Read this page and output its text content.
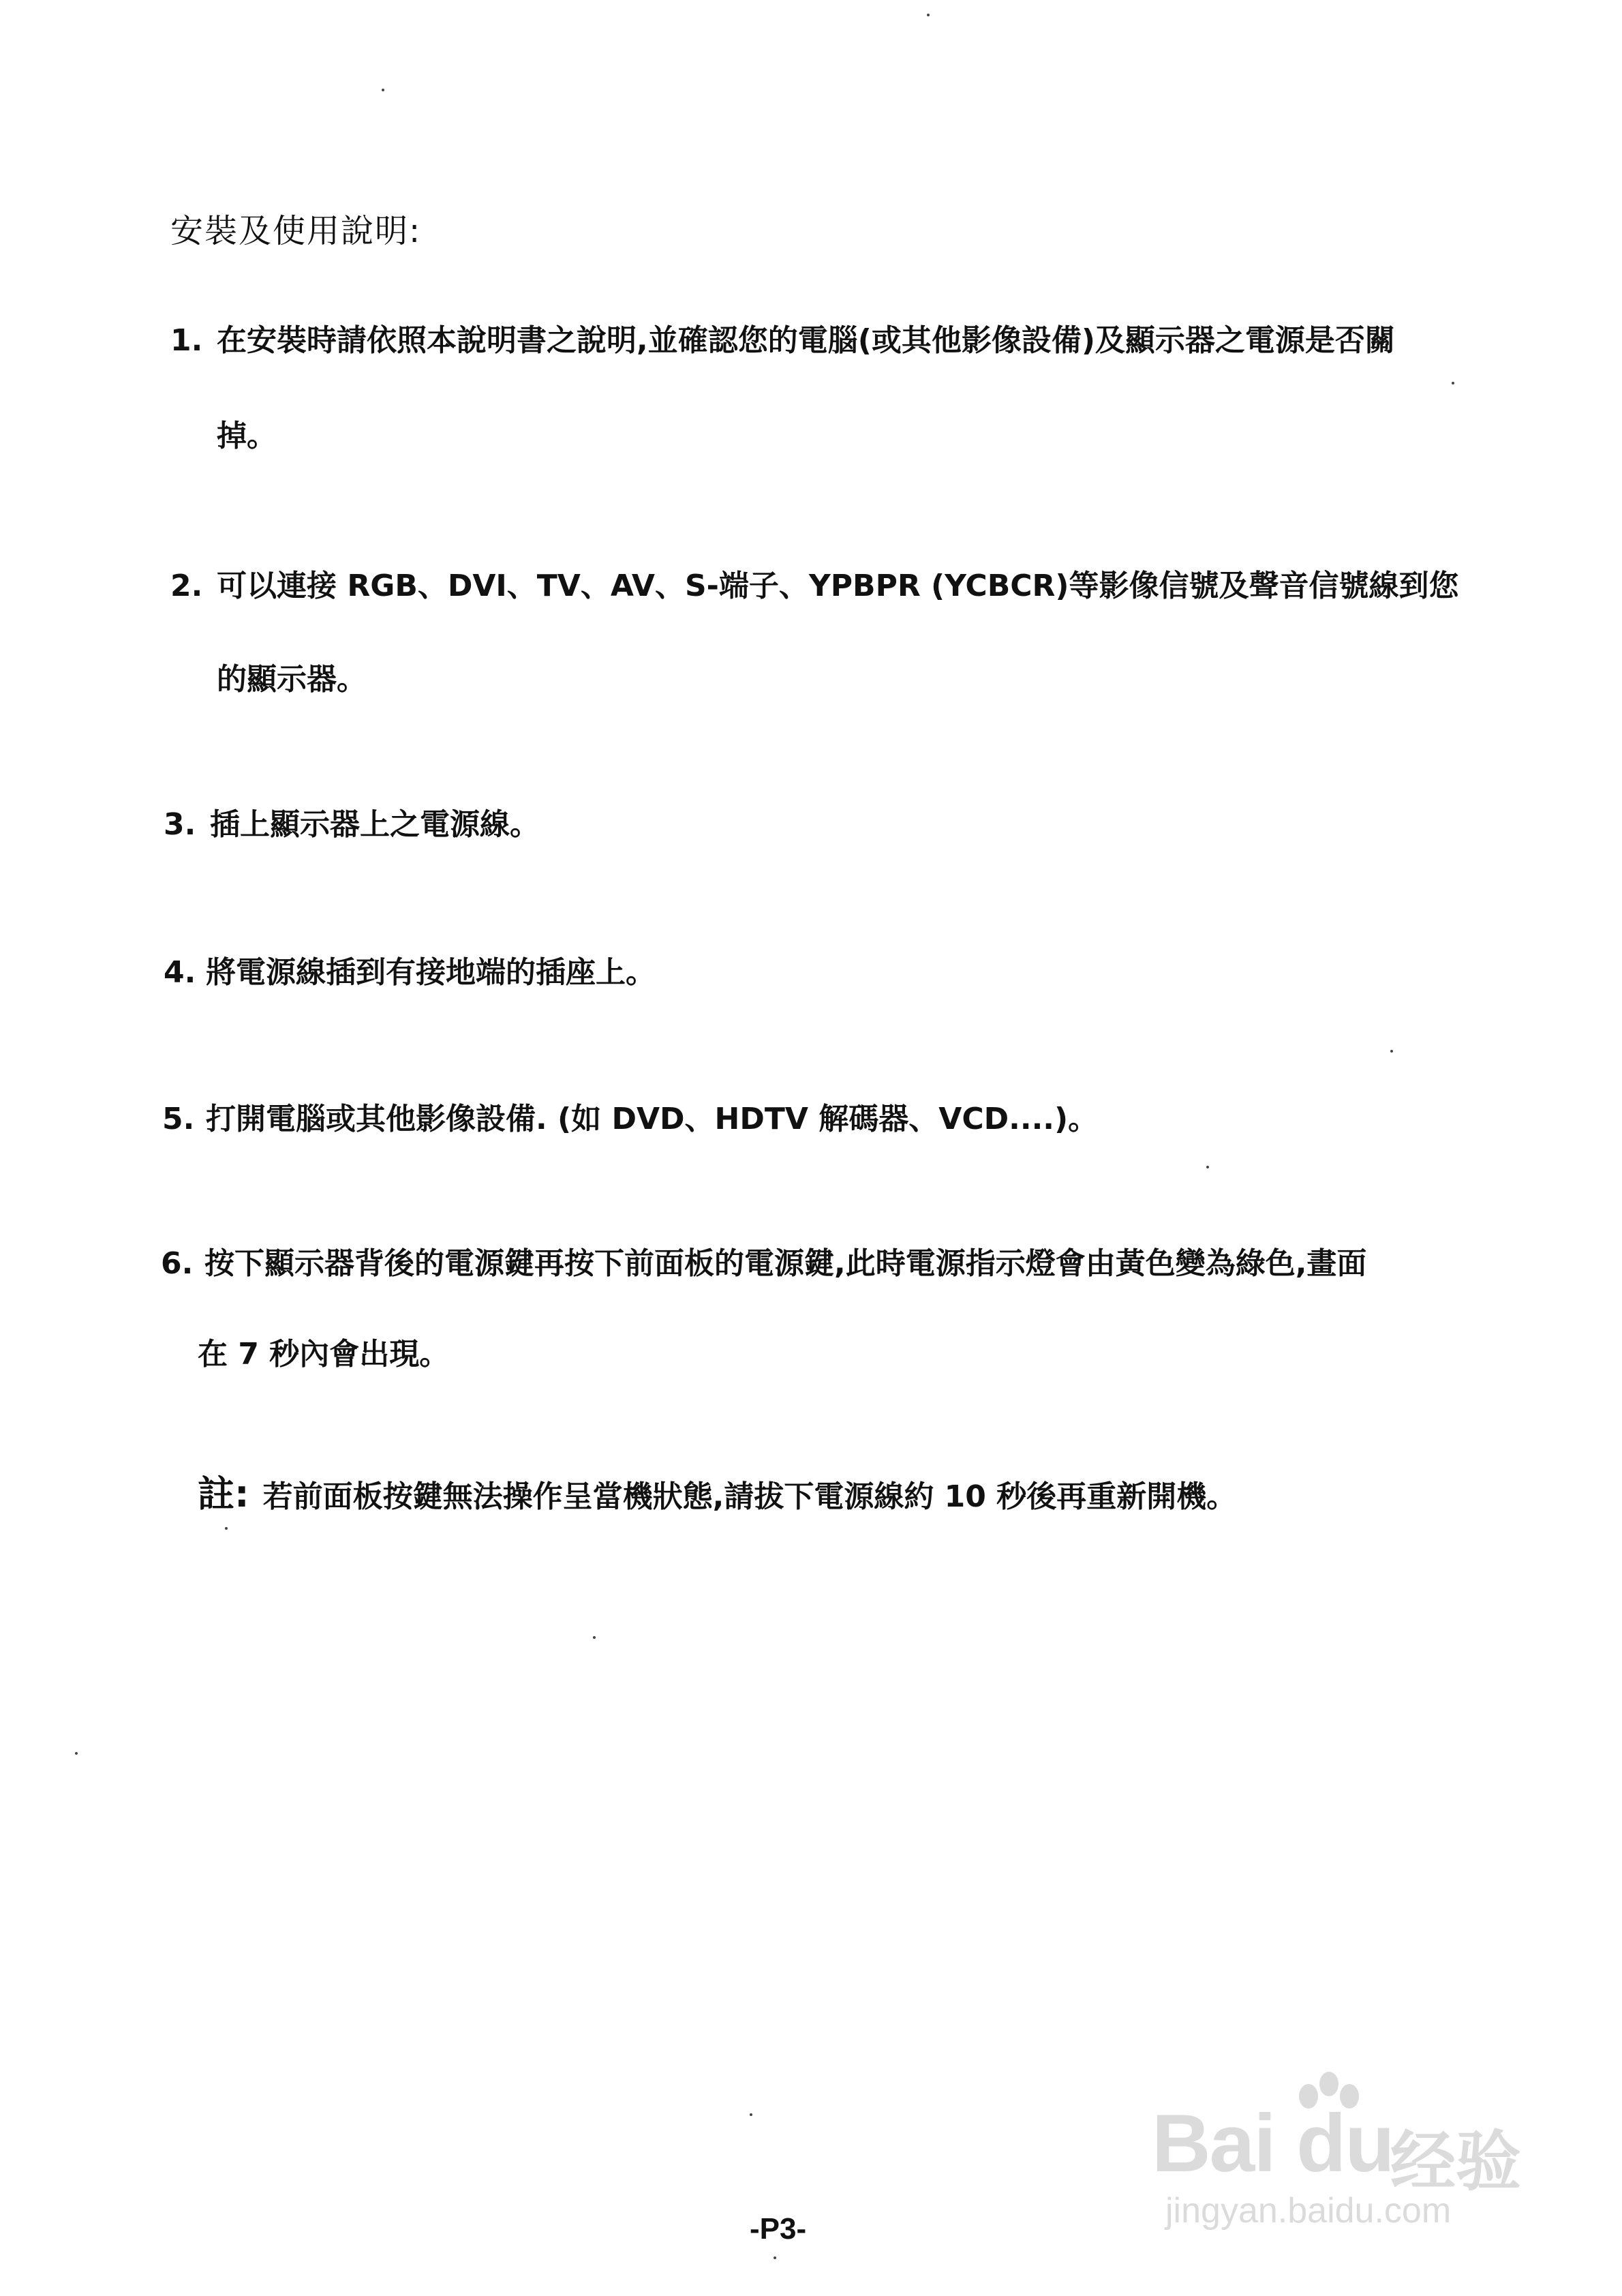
安裝及使用說明:
1. 在安裝時請依照本說明書之說明,並確認您的電腦(或其他影像設備)及顯示器之電源是否關
掉。
2. 可以連接 RGB、DVI、TV、AV、S-端子、YPBPR (YCBCR)等影像信號及聲音信號線到您
的顯示器。
3. 插上顯示器上之電源線。
4. 將電源線插到有接地端的插座上。
5. 打開電腦或其他影像設備. (如 DVD、HDTV 解碼器、VCD....)。
6. 按下顯示器背後的電源鍵再按下前面板的電源鍵,此時電源指示燈會由黃色變為綠色,畫面
在 7 秒內會出現。
註: 若前面板按鍵無法操作呈當機狀態,請拔下電源線約 10 秒後再重新開機。
-P3-
Bai du
经验
jingyan.baidu.com
